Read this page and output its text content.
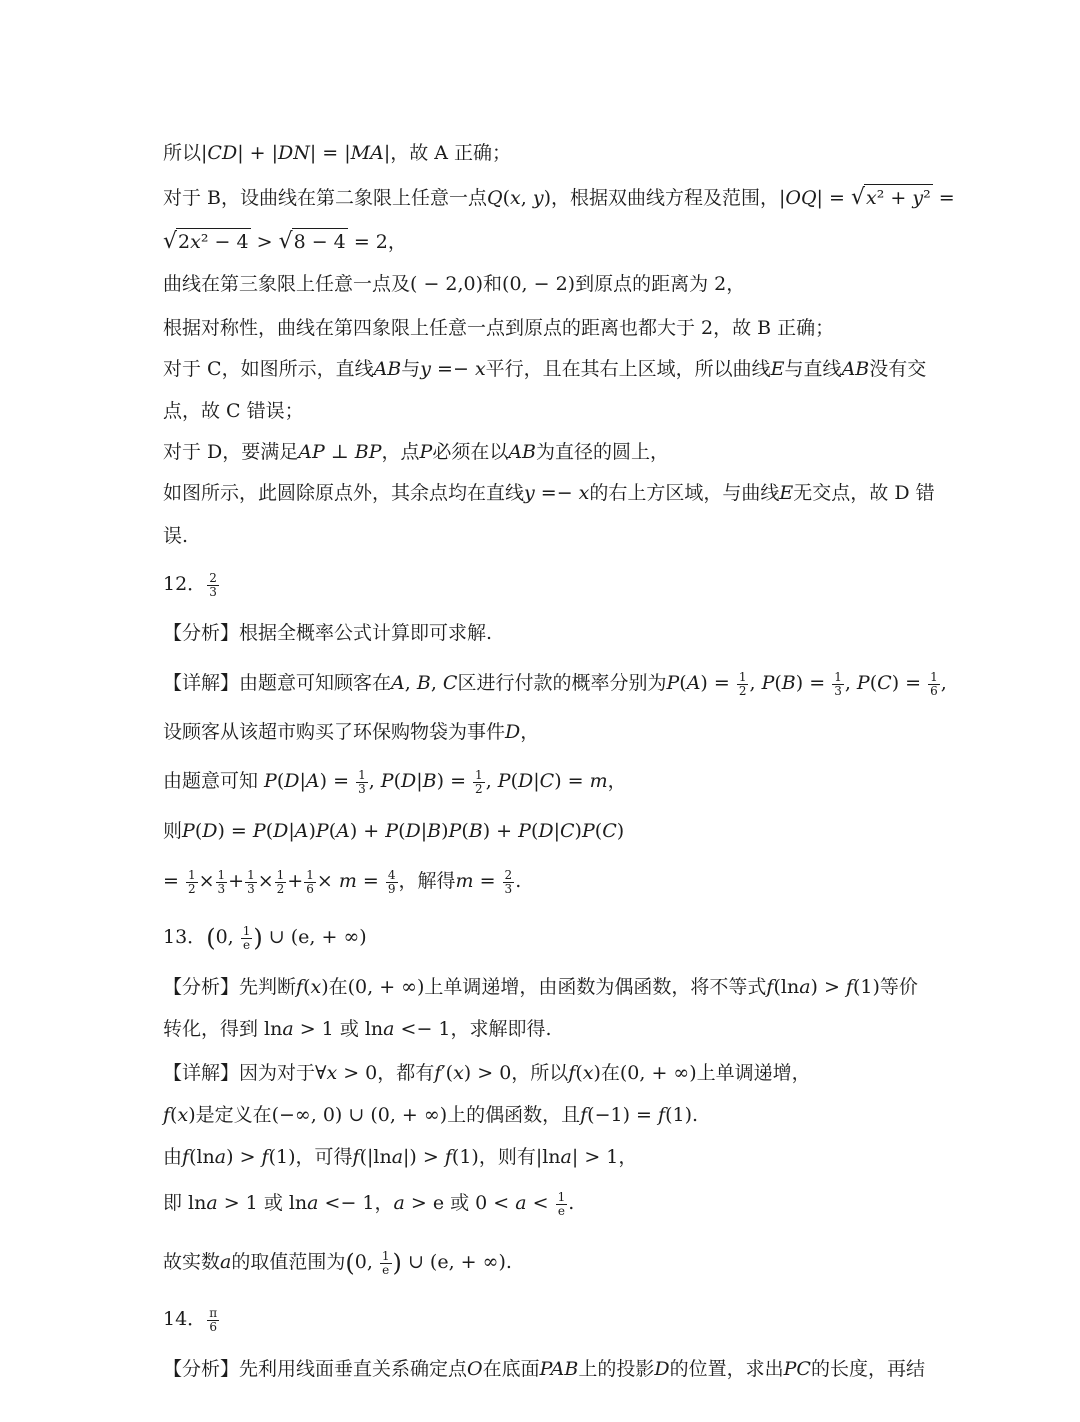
所以|CD| + |DN| = |MA|，故 A 正确；
对于 B，设曲线在第二象限上任意一点Q(x, y)，根据双曲线方程及范围，|OQ| = √x² + y² =
√2x² − 4 > √8 − 4 = 2，
曲线在第三象限上任意一点及( − 2,0)和(0, − 2)到原点的距离为 2，
根据对称性，曲线在第四象限上任意一点到原点的距离也都大于 2，故 B 正确；
对于 C，如图所示，直线AB与y =− x平行，且在其右上区域，所以曲线E与直线AB没有交
点，故 C 错误；
对于 D，要满足AP ⊥ BP，点P必须在以AB为直径的圆上，
如图所示，此圆除原点外，其余点均在直线y =− x的右上方区域，与曲线E无交点，故 D 错
误.
12． $\frac{2}{3}$
【分析】根据全概率公式计算即可求解.
【详解】由题意可知顾客在A, B, C区进行付款的概率分别为$P(A) = \frac{1}{2}$ , $P(B) = \frac{1}{3}$ , $P(C) = \frac{1}{6}$ ,
设顾客从该超市购买了环保购物袋为事件D，
由题意可知 $P(D|A) = \frac{1}{3}$ , $P(D|B) = \frac{1}{2}$ , P(D|C) = m，
则P(D) = P(D|A)P(A) + P(D|B)P(B) + P(D|C)P(C)
= $\frac{1}{2} \times \frac{1}{3} + \frac{1}{3} \times \frac{1}{2} + \frac{1}{6} \times m = \frac{4}{9}$ ，解得$m = \frac{2}{3}$ .
13．(0, $\frac{1}{e}$ ) ∪ (e, + ∞)
【分析】先判断f(x)在(0, + ∞)上单调递增，由函数为偶函数，将不等式f(lna) > f(1)等价
转化，得到 lna > 1 或 lna <− 1，求解即得.
【详解】因为对于∀x > 0，都有f′(x) > 0，所以f(x)在(0, + ∞)上单调递增，
f(x)是定义在(−∞, 0) ∪ (0, + ∞)上的偶函数，且f(−1) = f(1).
由f(lna) > f(1)，可得f(|lna|) > f(1)，则有|lna| > 1，
即 lna > 1 或 lna <− 1，a > e 或 $0 < a < \frac{1}{e}$ .
故实数a的取值范围为(0, $\frac{1}{e}$ ) ∪ (e, + ∞).
14． $\frac{\pi}{6}$
【分析】先利用线面垂直关系确定点O在底面PAB上的投影D的位置，求出PC的长度，再结
